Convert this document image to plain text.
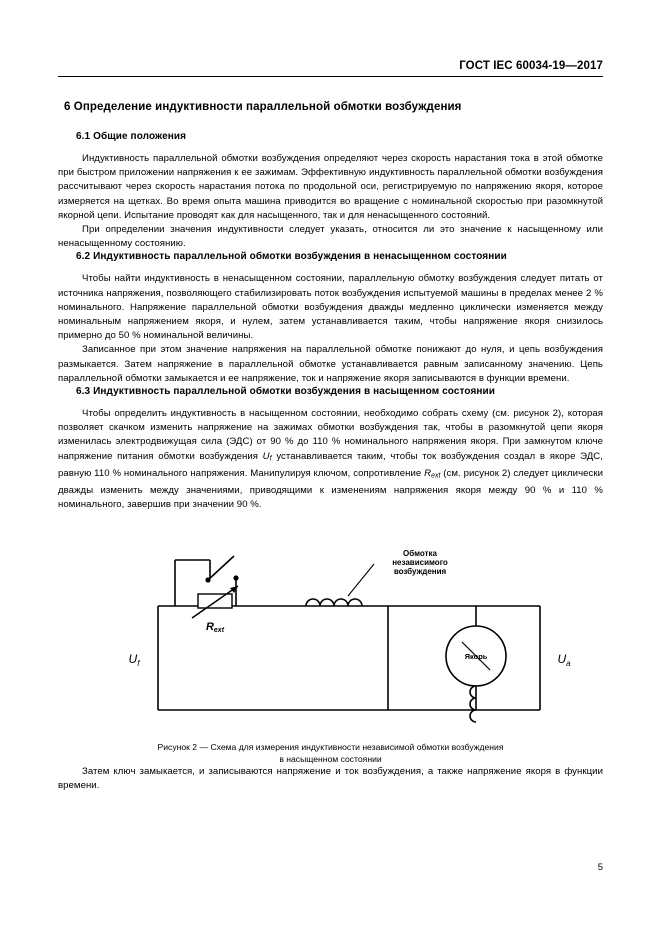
ГОСТ IEC 60034-19—2017
6 Определение индуктивности параллельной обмотки возбуждения
6.1 Общие положения

Индуктивность параллельной обмотки возбуждения определяют через скорость нарастания тока в этой обмотке при быстром приложении напряжения к ее зажимам. Эффективную индуктивность параллельной обмотки возбуждения рассчитывают через скорость нарастания потока по продольной оси, регистрируемую по напряжению якоря, которое измеряется на щетках. Во время опыта машина приводится во вращение с номинальной скоростью при разомкнутой якорной цепи. Испытание проводят как для насыщенного, так и для ненасыщенного состояний.

При определении значения индуктивности следует указать, относится ли это значение к насыщенному или ненасыщенному состоянию.

6.2 Индуктивность параллельной обмотки возбуждения в ненасыщенном состоянии

Чтобы найти индуктивность в ненасыщенном состоянии, параллельную обмотку возбуждения следует питать от источника напряжения, позволяющего стабилизировать поток возбуждения испытуемой машины в пределах менее 2 % номинального. Напряжение параллельной обмотки возбуждения дважды медленно циклически изменяется между номинальным напряжением якоря, и нулем, затем устанавливается таким, чтобы напряжение якоря снизилось примерно до 50 % номинальной величины.

Записанное при этом значение напряжения на параллельной обмотке понижают до нуля, и цепь возбуждения размыкается. Затем напряжение в параллельной обмотке устанавливается равным записанному значению. Цепь параллельной обмотки замыкается и ее напряжение, ток и напряжение якоря записываются в функции времени.

6.3 Индуктивность параллельной обмотки возбуждения в насыщенном состоянии

Чтобы определить индуктивность в насыщенном состоянии, необходимо собрать схему (см. рисунок 2), которая позволяет скачком изменить напряжение на зажимах обмотки возбуждения так, чтобы в разомкнутой цепи якоря изменилась электродвижущая сила (ЭДС) от 90 % до 110 % номинального напряжения якоря. При замкнутом ключе напряжение питания обмотки возбуждения $U_f$ устанавливается таким, чтобы ток возбуждения создал в якоре ЭДС, равную 110 % номинального напряжения. Манипулируя ключом, сопротивление $R_{ext}$ (см. рисунок 2) следует циклически дважды изменить между значениями, приводящими к изменениям напряжения якоря между 90 % и 110 % номинального, завершив при значении 90 %.

Rext
Обмотка
независимого
возбуждения
Якорь
$U_f$	$U_a$
Рисунок 2 — Схема для измерения индуктивности независимой обмотки возбуждения
в насыщенном состоянии

Затем ключ замыкается, и записываются напряжение и ток возбуждения, а также напряжение якоря в функции времени.

5
